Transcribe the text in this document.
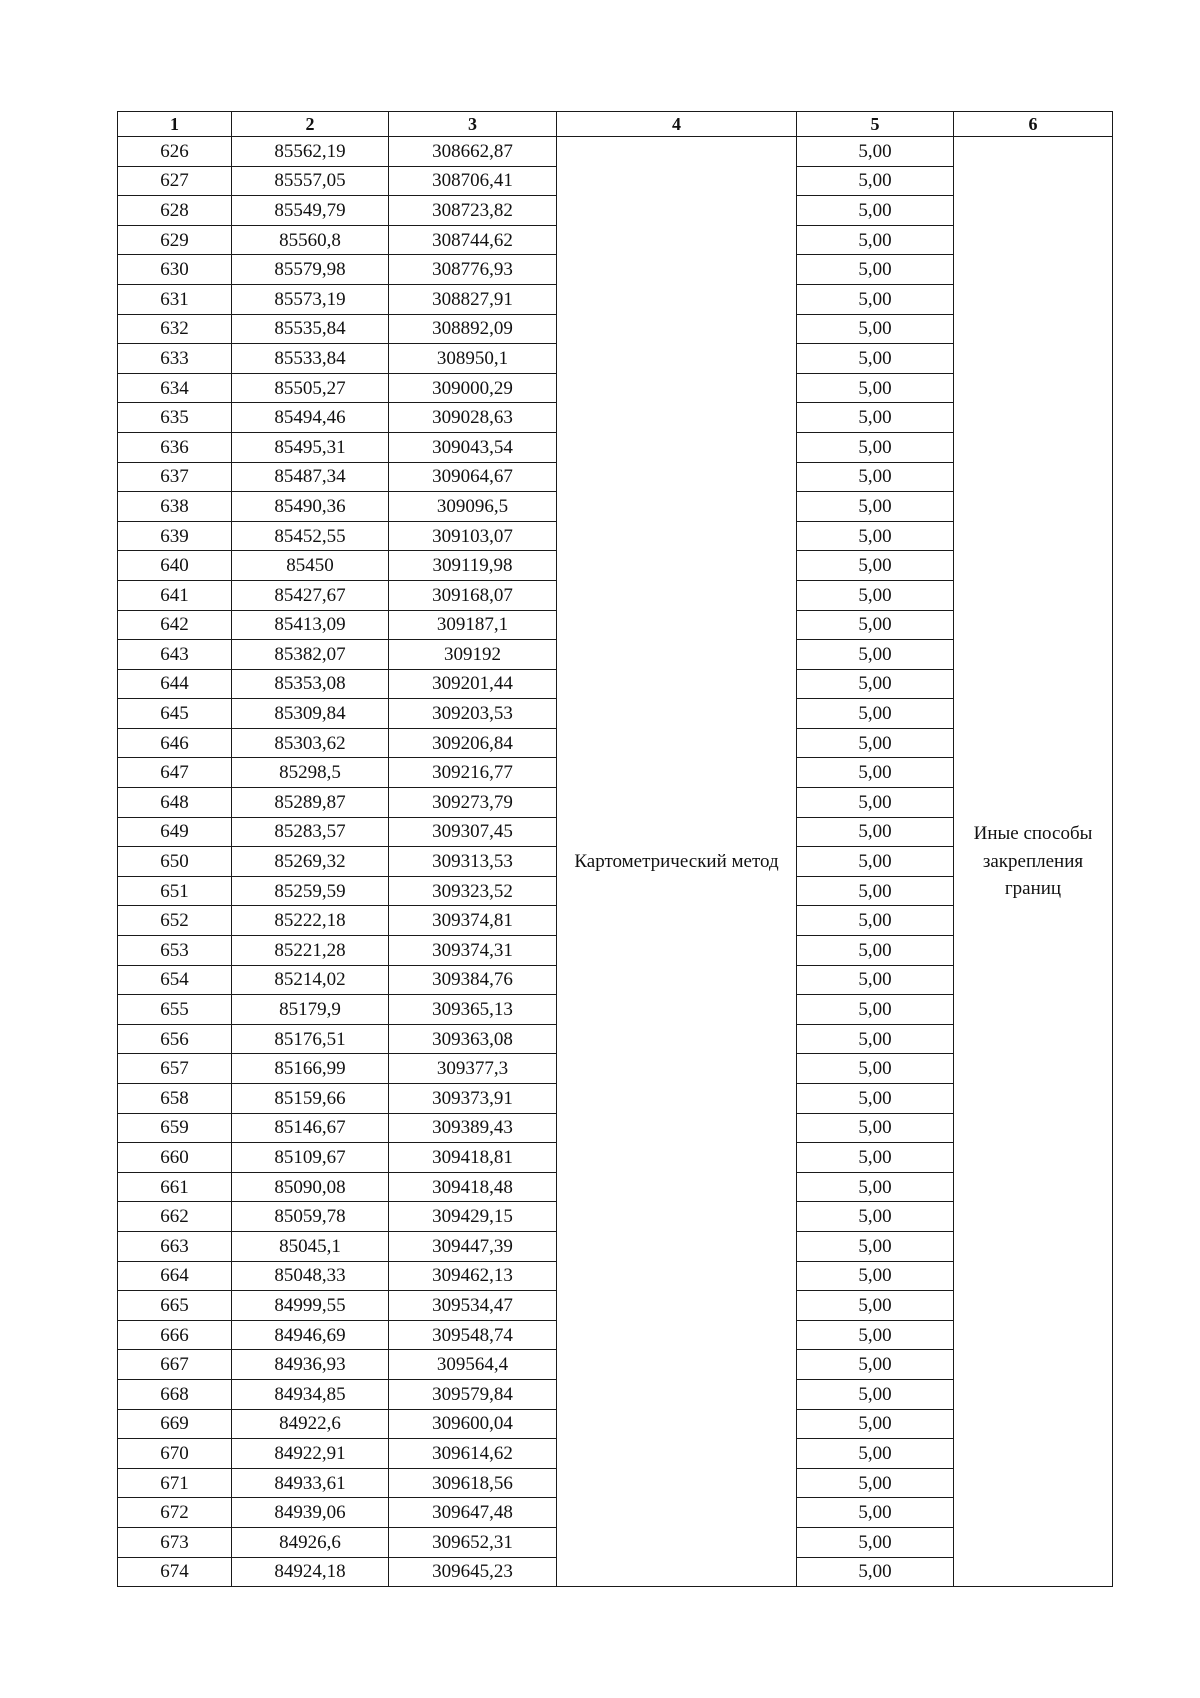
1	2	3	4	5	6
626	85562,19	308662,87	Картометрический метод	5,00	Иные способы закрепления границ
627	85557,05	308706,41		5,00	
628	85549,79	308723,82		5,00	
629	85560,8	308744,62		5,00	
630	85579,98	308776,93		5,00	
631	85573,19	308827,91		5,00	
632	85535,84	308892,09		5,00	
633	85533,84	308950,1		5,00	
634	85505,27	309000,29		5,00	
635	85494,46	309028,63		5,00	
636	85495,31	309043,54		5,00	
637	85487,34	309064,67		5,00	
638	85490,36	309096,5		5,00	
639	85452,55	309103,07		5,00	
640	85450	309119,98		5,00	
641	85427,67	309168,07		5,00	
642	85413,09	309187,1		5,00	
643	85382,07	309192		5,00	
644	85353,08	309201,44		5,00	
645	85309,84	309203,53		5,00	
646	85303,62	309206,84		5,00	
647	85298,5	309216,77		5,00	
648	85289,87	309273,79		5,00	
649	85283,57	309307,45		5,00	
650	85269,32	309313,53		5,00	
651	85259,59	309323,52		5,00	
652	85222,18	309374,81		5,00	
653	85221,28	309374,31		5,00	
654	85214,02	309384,76		5,00	
655	85179,9	309365,13		5,00	
656	85176,51	309363,08		5,00	
657	85166,99	309377,3		5,00	
658	85159,66	309373,91		5,00	
659	85146,67	309389,43		5,00	
660	85109,67	309418,81		5,00	
661	85090,08	309418,48		5,00	
662	85059,78	309429,15		5,00	
663	85045,1	309447,39		5,00	
664	85048,33	309462,13		5,00	
665	84999,55	309534,47		5,00	
666	84946,69	309548,74		5,00	
667	84936,93	309564,4		5,00	
668	84934,85	309579,84		5,00	
669	84922,6	309600,04		5,00	
670	84922,91	309614,62		5,00	
671	84933,61	309618,56		5,00	
672	84939,06	309647,48		5,00	
673	84926,6	309652,31		5,00	
674	84924,18	309645,23		5,00	
